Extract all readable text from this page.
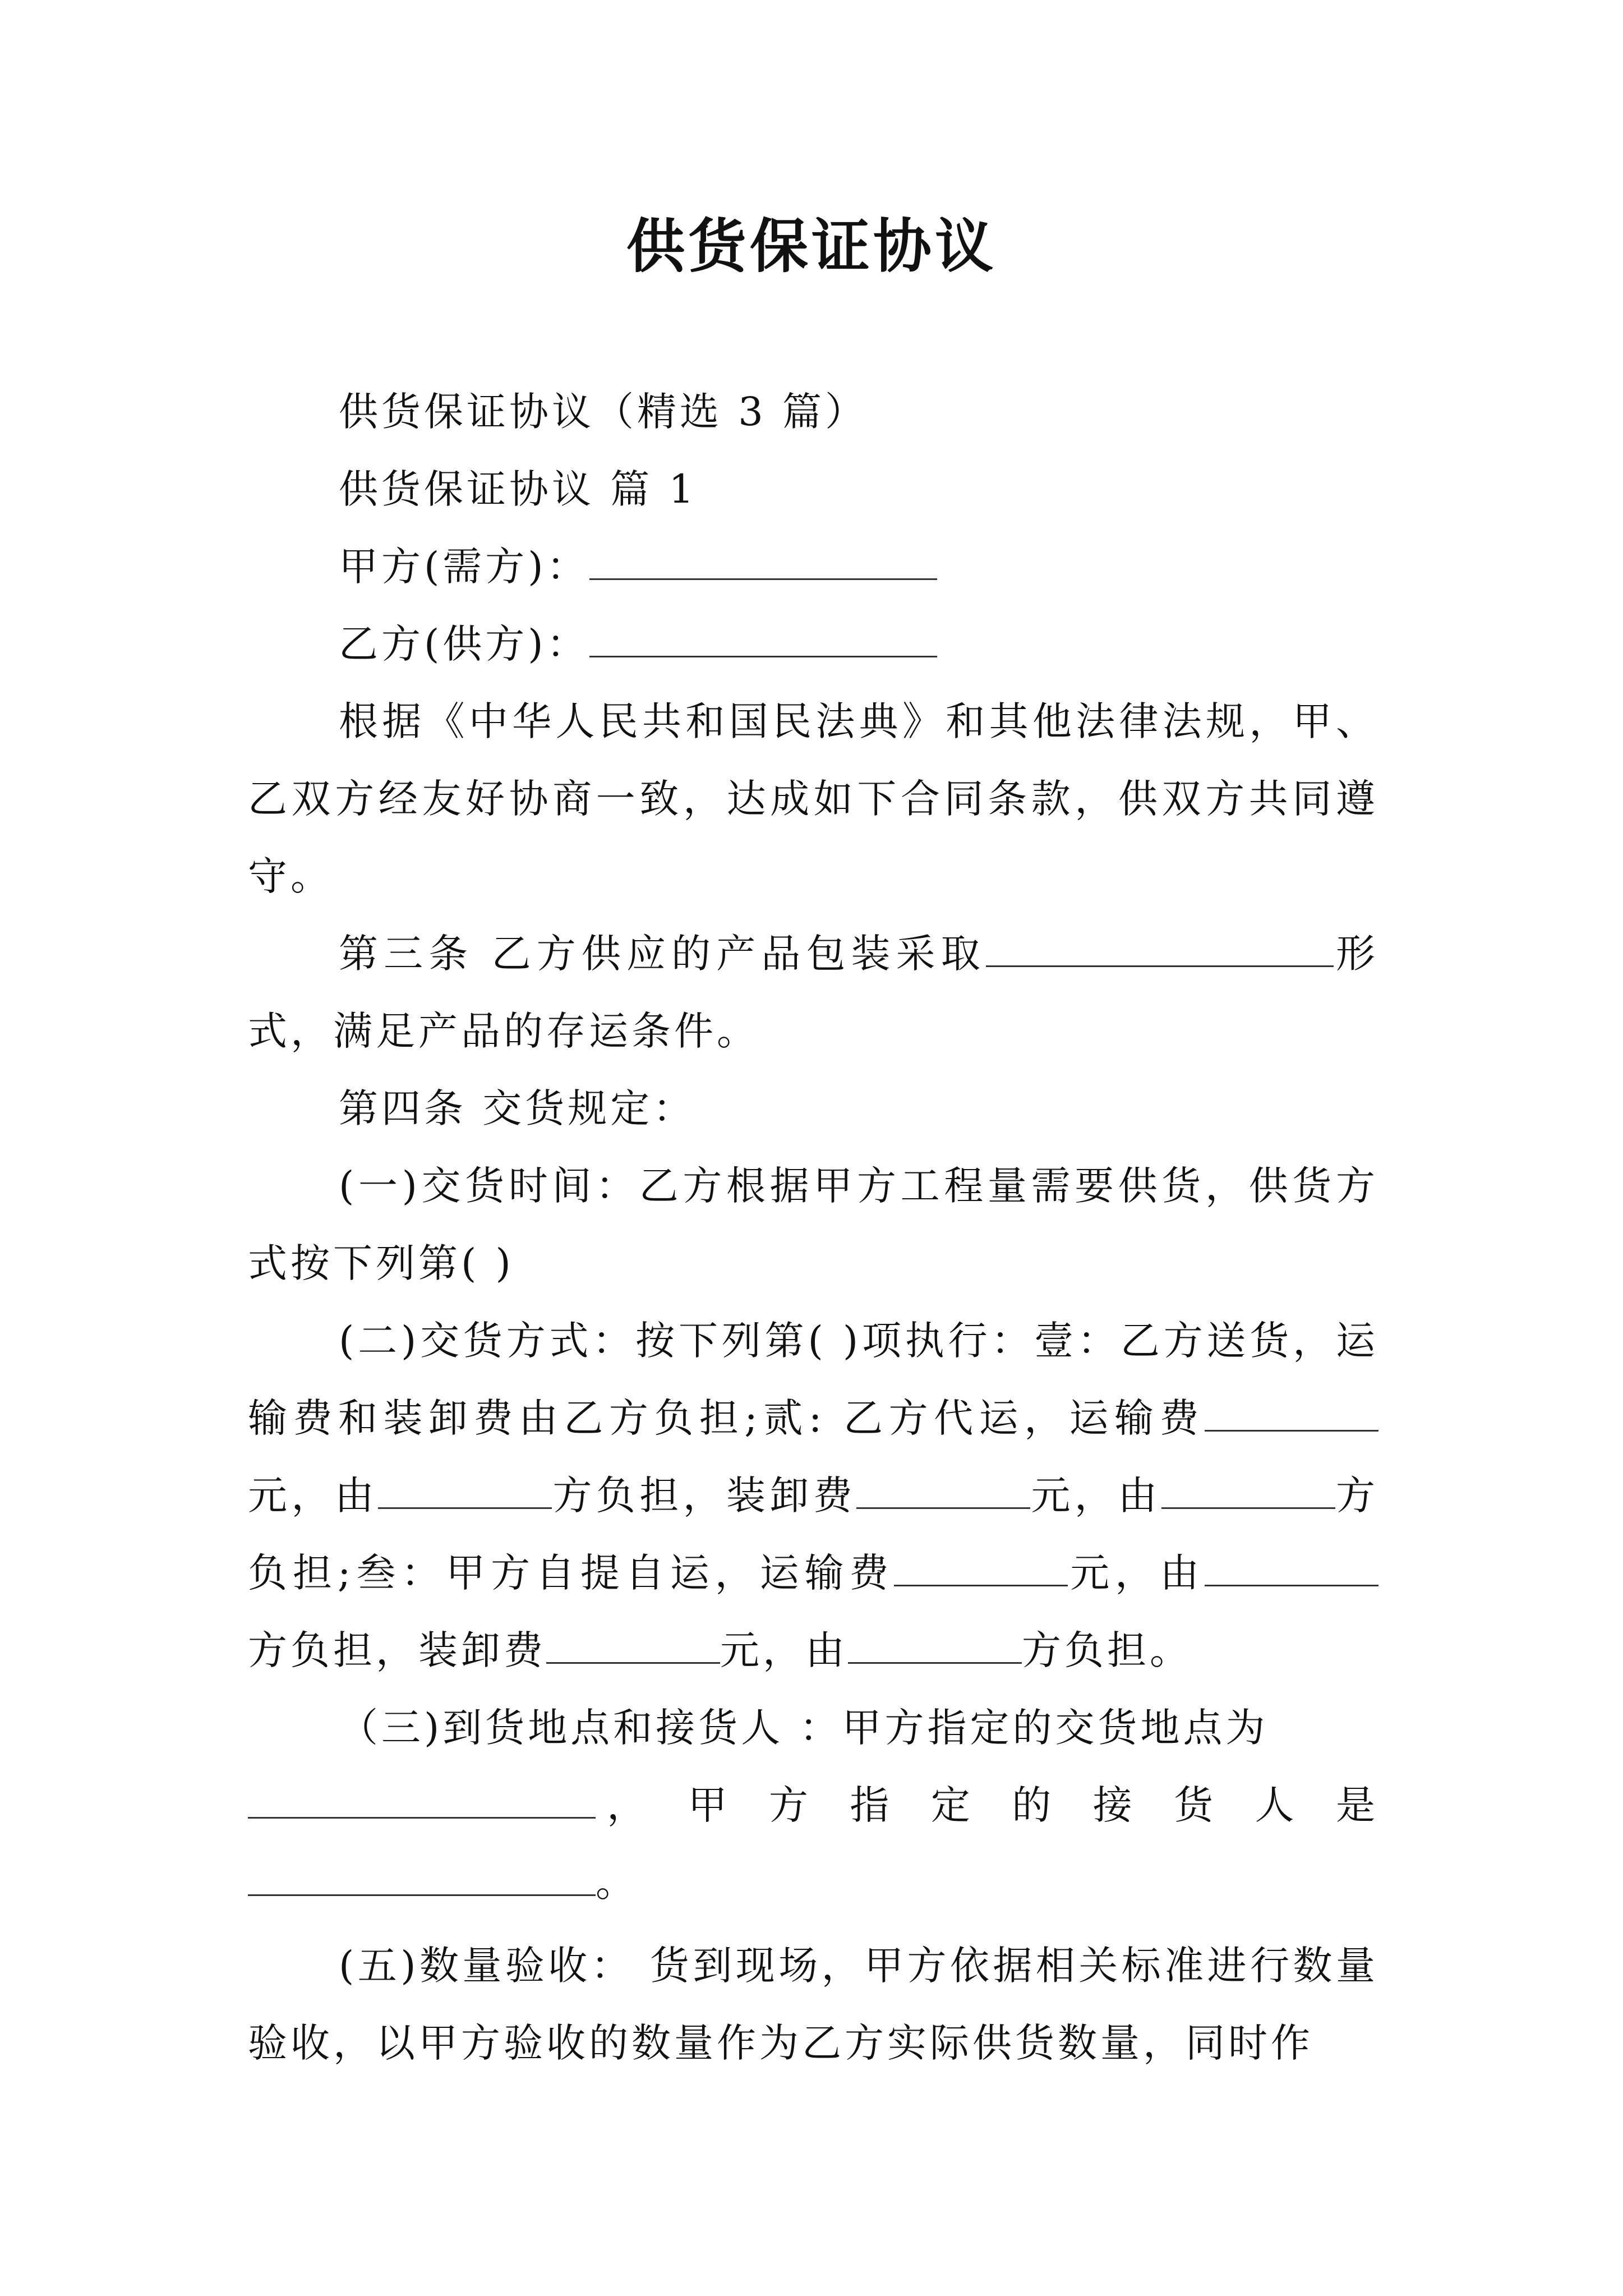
供货保证协议

供货保证协议（精选 3 篇）

供货保证协议 篇 1

甲方(需方)：

乙方(供方)：

根据《中华人民共和国民法典》和其他法律法规，甲、乙双方经友好协商一致，达成如下合同条款，供双方共同遵守。

第三条 乙方供应的产品包装采取	形式，满足产品的存运条件。

第四条 交货规定：

(一)交货时间：乙方根据甲方工程量需要供货，供货方式按下列第( )

(二)交货方式：按下列第( )项执行：壹：乙方送货，运输费和装卸费由乙方负担;贰: 乙方代运，运输费元，由	方负担，装卸费	元，由	方负担;叁：甲方自提自运，运输费	元，由方负担，装卸费	元，由	方负担。

（三)到货地点和接货人 ：甲方指定的交货地点为

， 甲 方 指 定 的 接 货 人 是

。

(五)数量验收： 货到现场，甲方依据相关标准进行数量验收，以甲方验收的数量作为乙方实际供货数量，同时作
